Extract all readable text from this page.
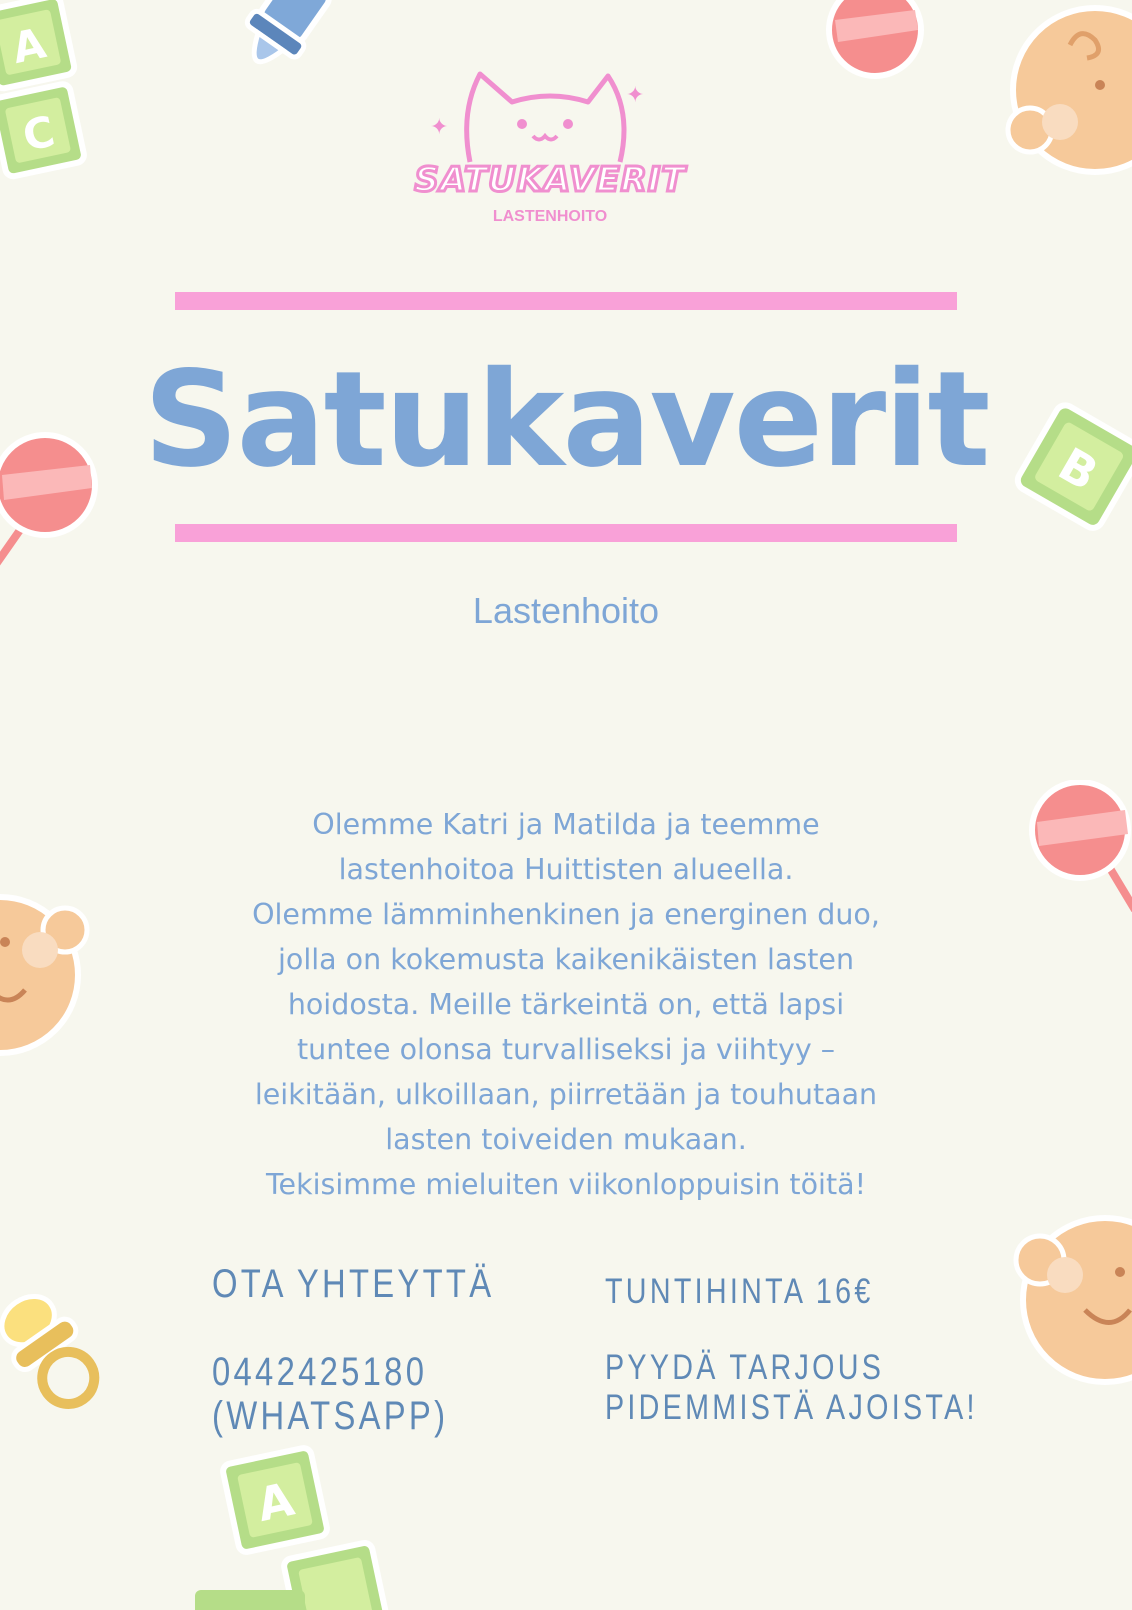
A
C
B
A
✦
✦
SATUKAVERIT
LASTENHOITO
Satukaverit
Lastenhoito
Olemme Katri ja Matilda ja teemme
lastenhoitoa Huittisten alueella.
Olemme lämminhenkinen ja energinen duo,
jolla on kokemusta kaikenikäisten lasten
hoidosta. Meille tärkeintä on, että lapsi
tuntee olonsa turvalliseksi ja viihtyy –
leikitään, ulkoillaan, piirretään ja touhutaan
lasten toiveiden mukaan.
Tekisimme mieluiten viikonloppuisin töitä!
OTA YHTEYTTÄ
0442425180
(WHATSAPP)
TUNTIHINTA 16€
PYYDÄ TARJOUS
PIDEMMISTÄ AJOISTA!
